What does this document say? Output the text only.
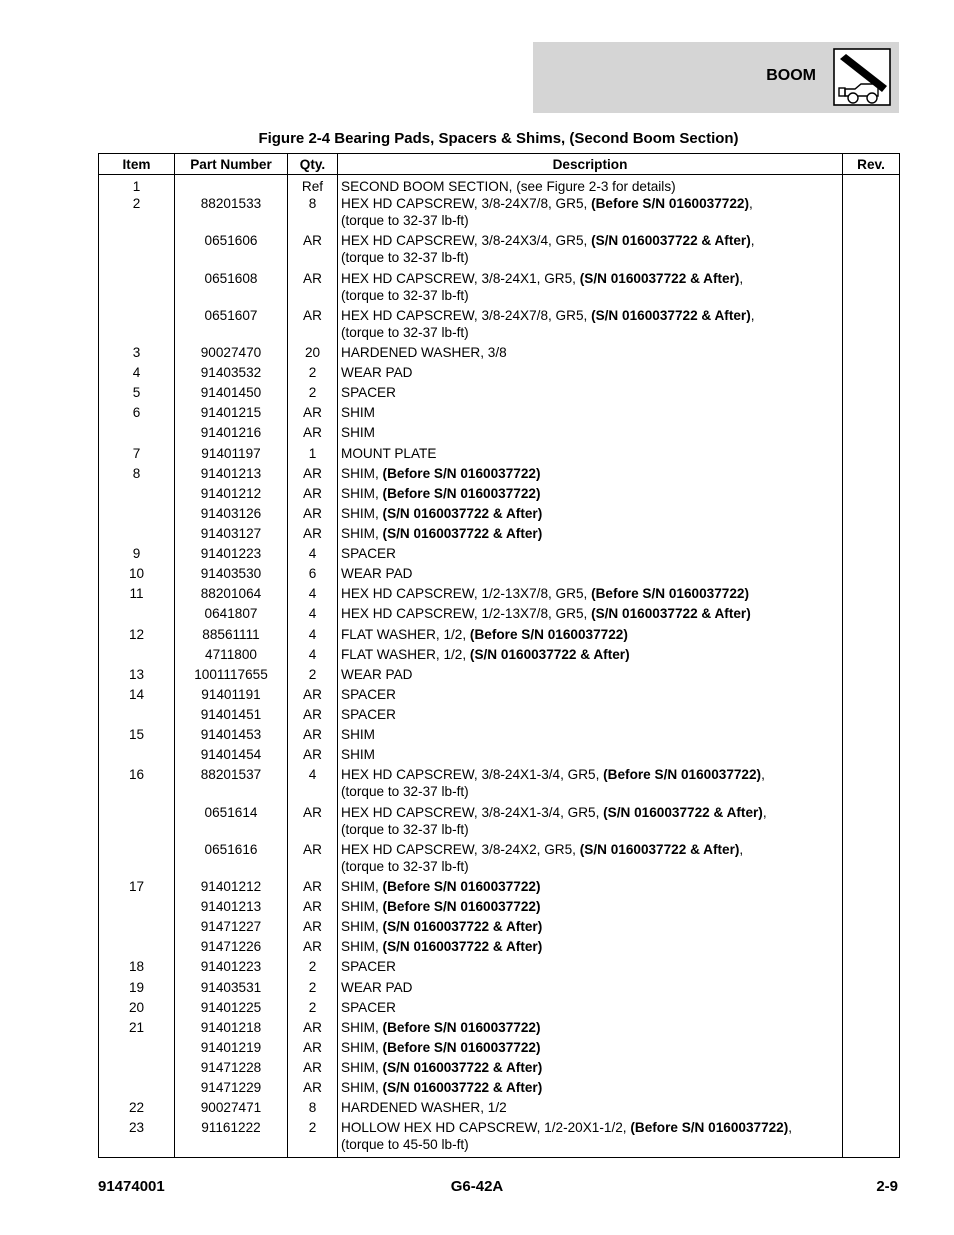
BOOM
Figure 2-4 Bearing Pads, Spacers & Shims, (Second Boom Section)
Item	Part Number	Qty.	Description	Rev.
1		Ref	SECOND BOOM SECTION, (see Figure 2-3 for details)	
2	88201533	8	HEX HD CAPSCREW, 3/8-24X7/8, GR5, (Before S/N 0160037722),
(torque to 32-37 lb-ft)	

	0651606	AR	HEX HD CAPSCREW, 3/8-24X3/4, GR5, (S/N 0160037722 & After),
(torque to 32-37 lb-ft)	

	0651608	AR	HEX HD CAPSCREW, 3/8-24X1, GR5, (S/N 0160037722 & After),
(torque to 32-37 lb-ft)	

	0651607	AR	HEX HD CAPSCREW, 3/8-24X7/8, GR5, (S/N 0160037722 & After),
(torque to 32-37 lb-ft)	

3	90027470	20	HARDENED WASHER, 3/8	
4	91403532	2	WEAR PAD	
5	91401450	2	SPACER	
6	91401215	AR	SHIM	
	91401216	AR	SHIM	
7	91401197	1	MOUNT PLATE	
8	91401213	AR	SHIM, (Before S/N 0160037722)	
	91401212	AR	SHIM, (Before S/N 0160037722)	
	91403126	AR	SHIM, (S/N 0160037722 & After)	
	91403127	AR	SHIM, (S/N 0160037722 & After)	
9	91401223	4	SPACER	
10	91403530	6	WEAR PAD	
11	88201064	4	HEX HD CAPSCREW, 1/2-13X7/8, GR5, (Before S/N 0160037722)	
	0641807	4	HEX HD CAPSCREW, 1/2-13X7/8, GR5, (S/N 0160037722 & After)	
12	88561111	4	FLAT WASHER, 1/2, (Before S/N 0160037722)	
	4711800	4	FLAT WASHER, 1/2, (S/N 0160037722 & After)	
13	1001117655	2	WEAR PAD	
14	91401191	AR	SPACER	
	91401451	AR	SPACER	
15	91401453	AR	SHIM	
	91401454	AR	SHIM	
16	88201537	4	HEX HD CAPSCREW, 3/8-24X1-3/4, GR5, (Before S/N 0160037722),
(torque to 32-37 lb-ft)	

	0651614	AR	HEX HD CAPSCREW, 3/8-24X1-3/4, GR5, (S/N 0160037722 & After),
(torque to 32-37 lb-ft)	

	0651616	AR	HEX HD CAPSCREW, 3/8-24X2, GR5, (S/N 0160037722 & After),
(torque to 32-37 lb-ft)	

17	91401212	AR	SHIM, (Before S/N 0160037722)	
	91401213	AR	SHIM, (Before S/N 0160037722)	
	91471227	AR	SHIM, (S/N 0160037722 & After)	
	91471226	AR	SHIM, (S/N 0160037722 & After)	
18	91401223	2	SPACER	
19	91403531	2	WEAR PAD	
20	91401225	2	SPACER	
21	91401218	AR	SHIM, (Before S/N 0160037722)	
	91401219	AR	SHIM, (Before S/N 0160037722)	
	91471228	AR	SHIM, (S/N 0160037722 & After)	
	91471229	AR	SHIM, (S/N 0160037722 & After)	
22	90027471	8	HARDENED WASHER, 1/2	
23	91161222	2	HOLLOW HEX HD CAPSCREW, 1/2-20X1-1/2, (Before S/N 0160037722),
(torque to 45-50 lb-ft)	

91474001	G6-42A	2-9
